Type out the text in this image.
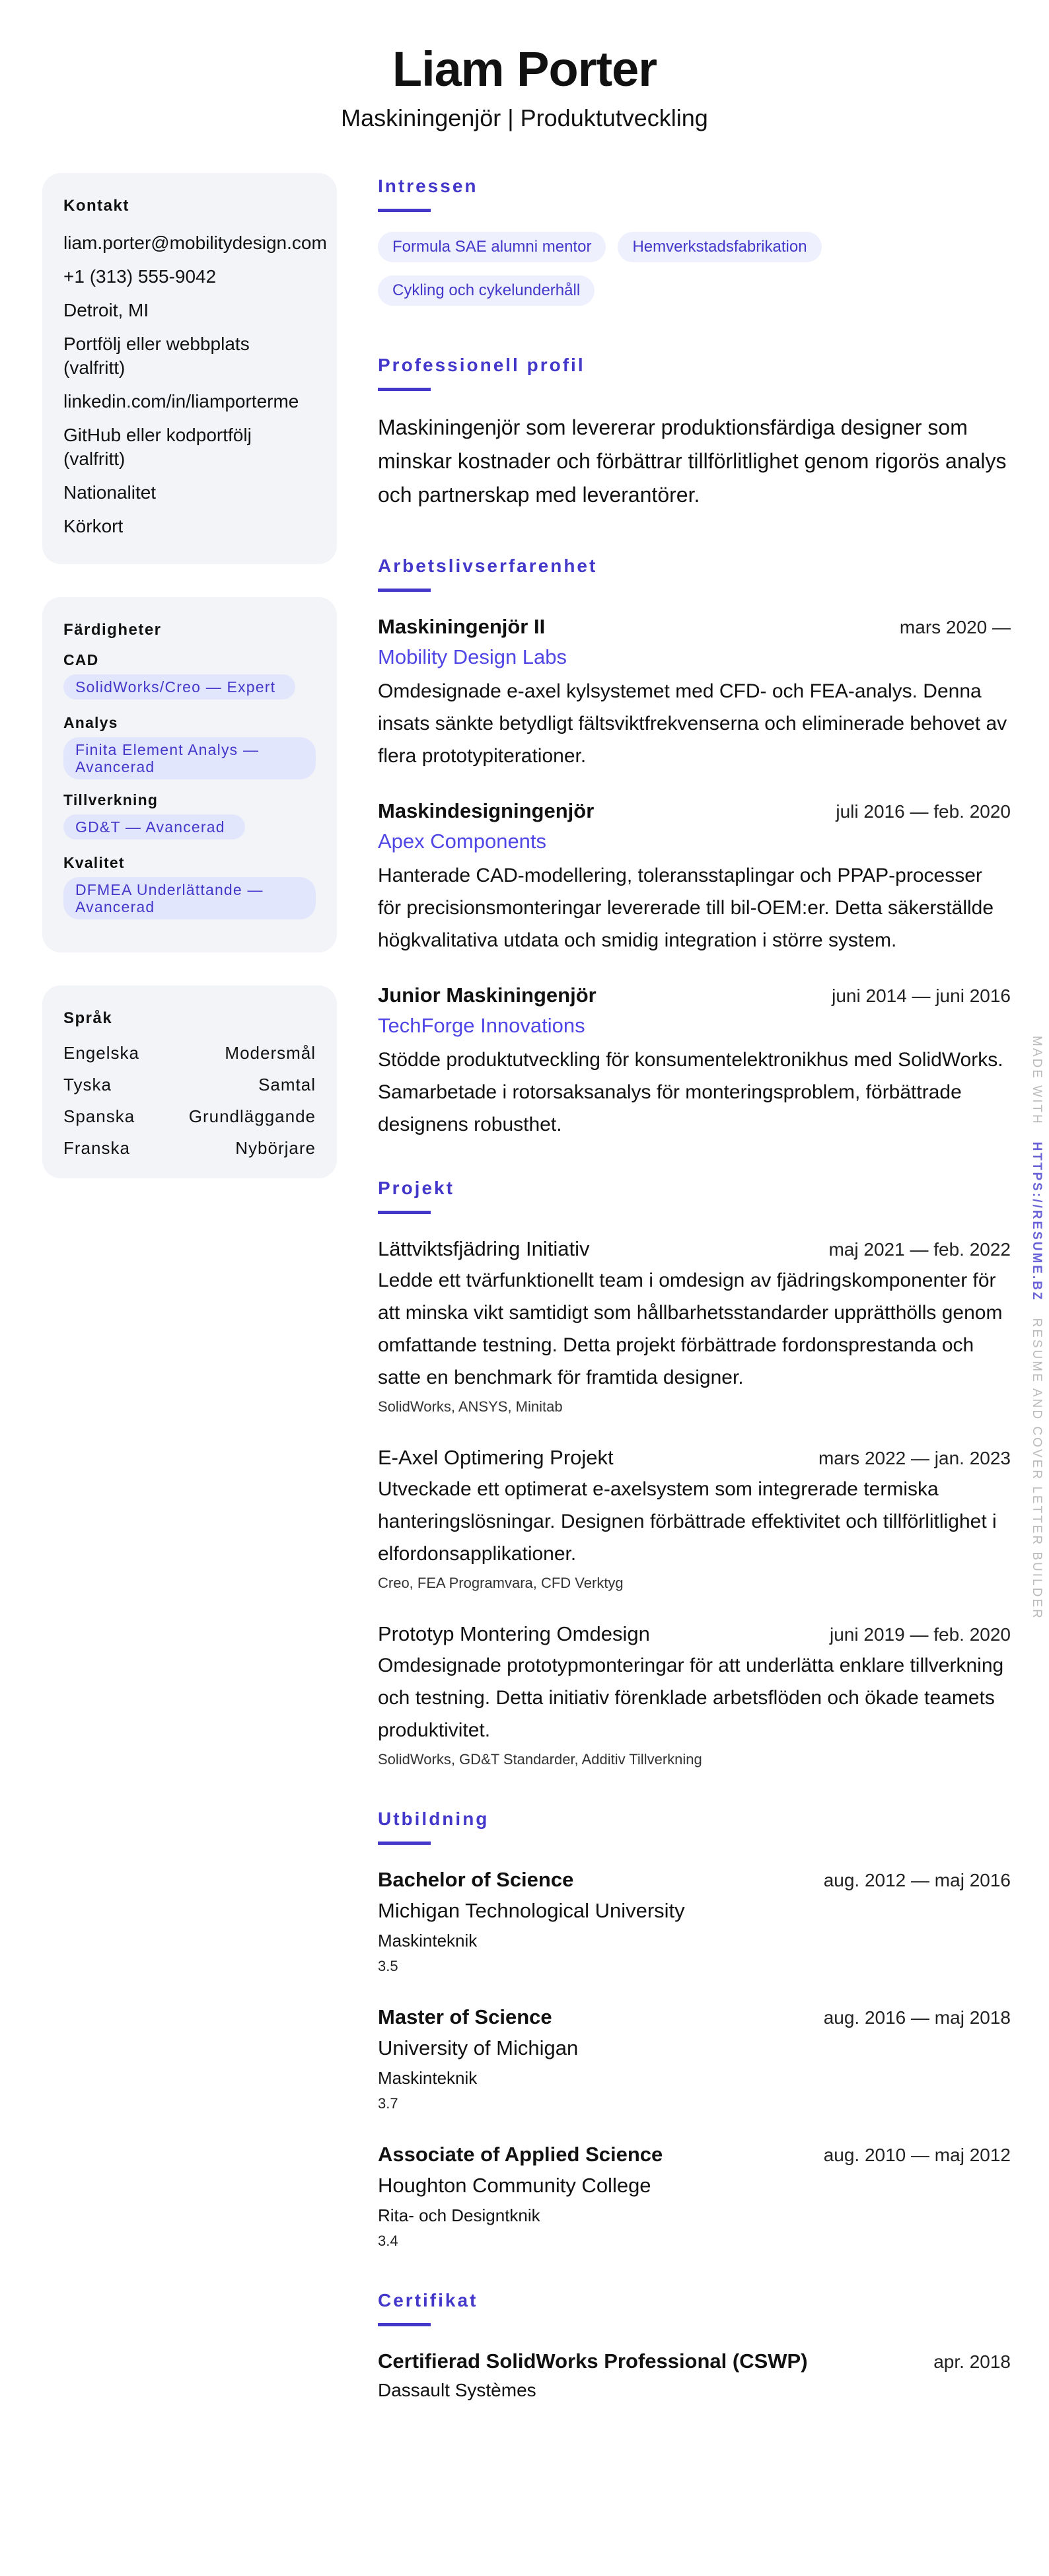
Liam Porter
Maskiningenjör | Produktutveckling
Kontakt
liam.porter@mobilitydesign.com
+1 (313) 555-9042
Detroit, MI
Portfölj eller webbplats (valfritt)
linkedin.com/in/liamporterme
GitHub eller kodportfölj (valfritt)
Nationalitet
Körkort
Färdigheter
CAD
SolidWorks/Creo — Expert
Analys
Finita Element Analys — Avancerad
Tillverkning
GD&T — Avancerad
Kvalitet
DFMEA Underlättande — Avancerad
Språk
Engelska	Modersmål
Tyska	Samtal
Spanska	Grundläggande
Franska	Nybörjare
Intressen
Formula SAE alumni mentor	Hemverkstadsfabrikation
Cykling och cykelunderhåll
Professionell profil
Maskiningenjör som levererar produktionsfärdiga designer som minskar kostnader och förbättrar tillförlitlighet genom rigorös analys och partnerskap med leverantörer.
Arbetslivserfarenhet
Maskiningenjör II	mars 2020 —
Mobility Design Labs
Omdesignade e-axel kylsystemet med CFD- och FEA-analys. Denna insats sänkte betydligt fältsviktfrekvenserna och eliminerade behovet av flera prototypiterationer.
Maskindesigningenjör	juli 2016 — feb. 2020
Apex Components
Hanterade CAD-modellering, toleransstaplingar och PPAP-processer för precisionsmonteringar levererade till bil-OEM:er. Detta säkerställde högkvalitativa utdata och smidig integration i större system.
Junior Maskiningenjör	juni 2014 — juni 2016
TechForge Innovations
Stödde produktutveckling för konsumentelektronikhus med SolidWorks. Samarbetade i rotorsaksanalys för monteringsproblem, förbättrade designens robusthet.
Projekt
Lättviktsfjädring Initiativ	maj 2021 — feb. 2022
Ledde ett tvärfunktionellt team i omdesign av fjädringskomponenter för att minska vikt samtidigt som hållbarhetsstandarder upprätthölls genom omfattande testning. Detta projekt förbättrade fordonsprestanda och satte en benchmark för framtida designer.
SolidWorks, ANSYS, Minitab
E-Axel Optimering Projekt	mars 2022 — jan. 2023
Utveckade ett optimerat e-axelsystem som integrerade termiska hanteringslösningar. Designen förbättrade effektivitet och tillförlitlighet i elfordonsapplikationer.
Creo, FEA Programvara, CFD Verktyg
Prototyp Montering Omdesign	juni 2019 — feb. 2020
Omdesignade prototypmonteringar för att underlätta enklare tillverkning och testning. Detta initiativ förenklade arbetsflöden och ökade teamets produktivitet.
SolidWorks, GD&T Standarder, Additiv Tillverkning
Utbildning
Bachelor of Science	aug. 2012 — maj 2016
Michigan Technological University
Maskinteknik
3.5
Master of Science	aug. 2016 — maj 2018
University of Michigan
Maskinteknik
3.7
Associate of Applied Science	aug. 2010 — maj 2012
Houghton Community College
Rita- och Designtknik
3.4
Certifikat
Certifierad SolidWorks Professional (CSWP)	apr. 2018
Dassault Systèmes
MADE WITH   HTTPS://RESUME.BZ   RESUME AND COVER LETTER BUILDER
